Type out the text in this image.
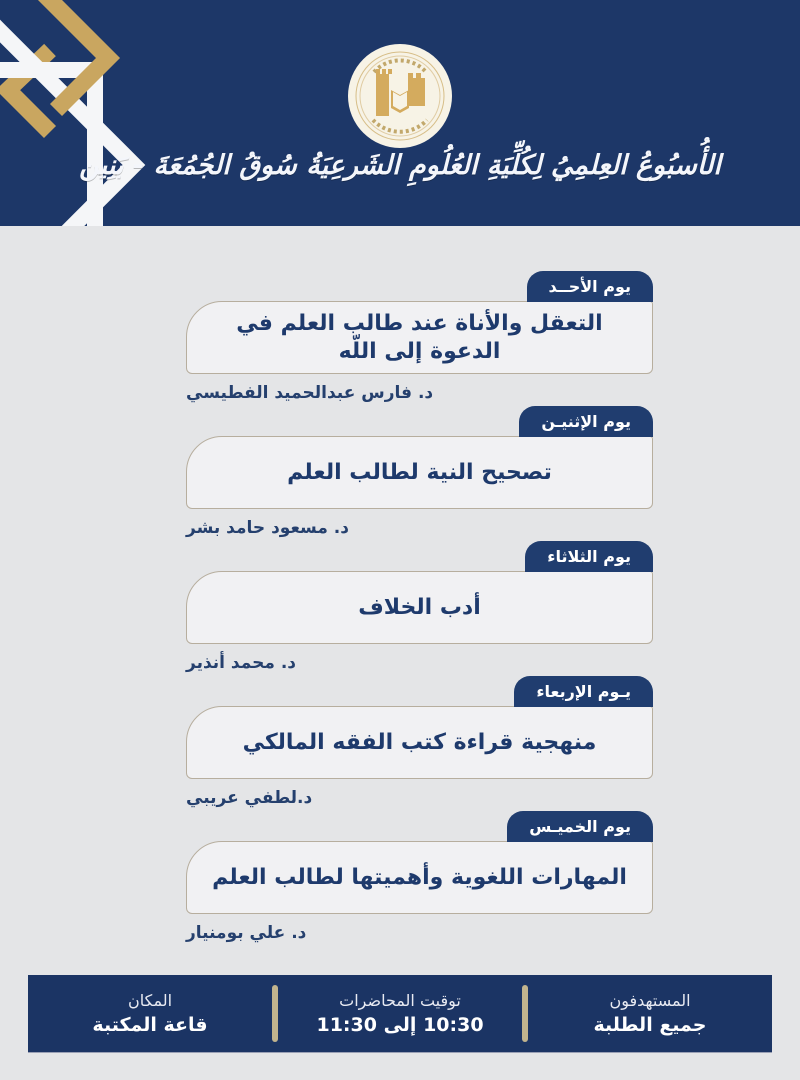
الأُسبُوعُ العِلمِيُ لِكُلِّيَةِ العُلُومِ الشَرعِيَةُ سُوقُ الجُمُعَةَ - بَنِين
يوم الأحــد
التعقل والأناة عند طالب العلم في الدعوة إلى اللّه
د. فارس عبدالحميد الفطيسي
يوم الإثنيـن
تصحيح النية لطالب العلم
د. مسعود حامد بشر
يوم الثلاثاء
أدب الخلاف
د. محمد أنذير
يـوم الإربعاء
منهجية قراءة كتب الفقه المالكي
د.لطفي عريبي
يوم الخميـس
المهارات اللغوية وأهميتها لطالب العلم
د. علي بومنيار
المستهدفون
جميع الطلبة
توقيت المحاضرات
10:30 إلى 11:30
المكان
قاعة المكتبة
